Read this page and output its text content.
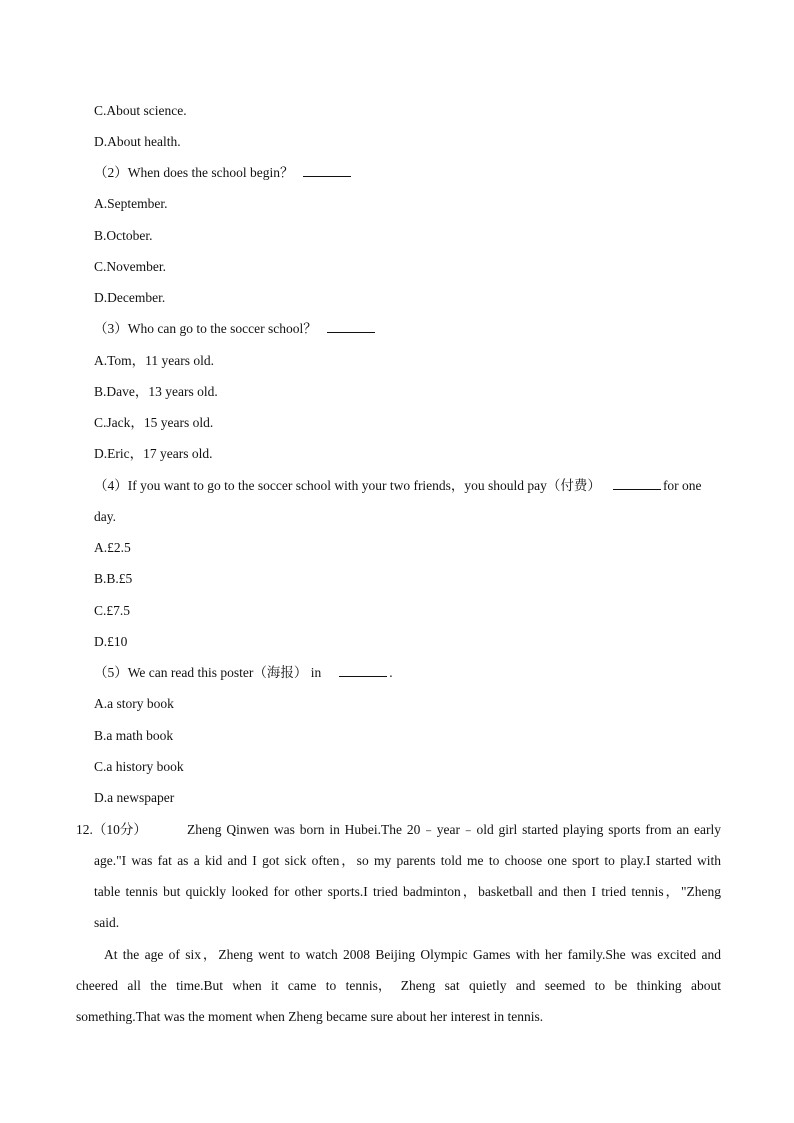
C.About science.
D.About health.
（2）When does the school begin？
A.September.
B.October.
C.November.
D.December.
（3）Who can go to the soccer school？
A.Tom，11 years old.
B.Dave，13 years old.
C.Jack，15 years old.
D.Eric，17 years old.
（4）If you want to go to the soccer school with your two friends，you should pay（付费）	for one
day.
A.£2.5
B.B.£5
C.£7.5
D.£10
（5）We can read this poster（海报） in	.
A.a story book
B.a math book
C.a history book
D.a newspaper
12.（10分）	Zheng Qinwen was born in Hubei.The 20﹣year﹣old girl started playing sports from an early
age."I was fat as a kid and I got sick often，so my parents told me to choose one sport to play.I started with
table tennis but quickly looked for other sports.I tried badminton，basketball and then I tried tennis，"Zheng
said.
At the age of six，Zheng went to watch 2008 Beijing Olympic Games with her family.She was excited and
cheered all the time.But when it came to tennis， Zheng sat quietly and seemed to be thinking about
something.That was the moment when Zheng became sure about her interest in tennis.
